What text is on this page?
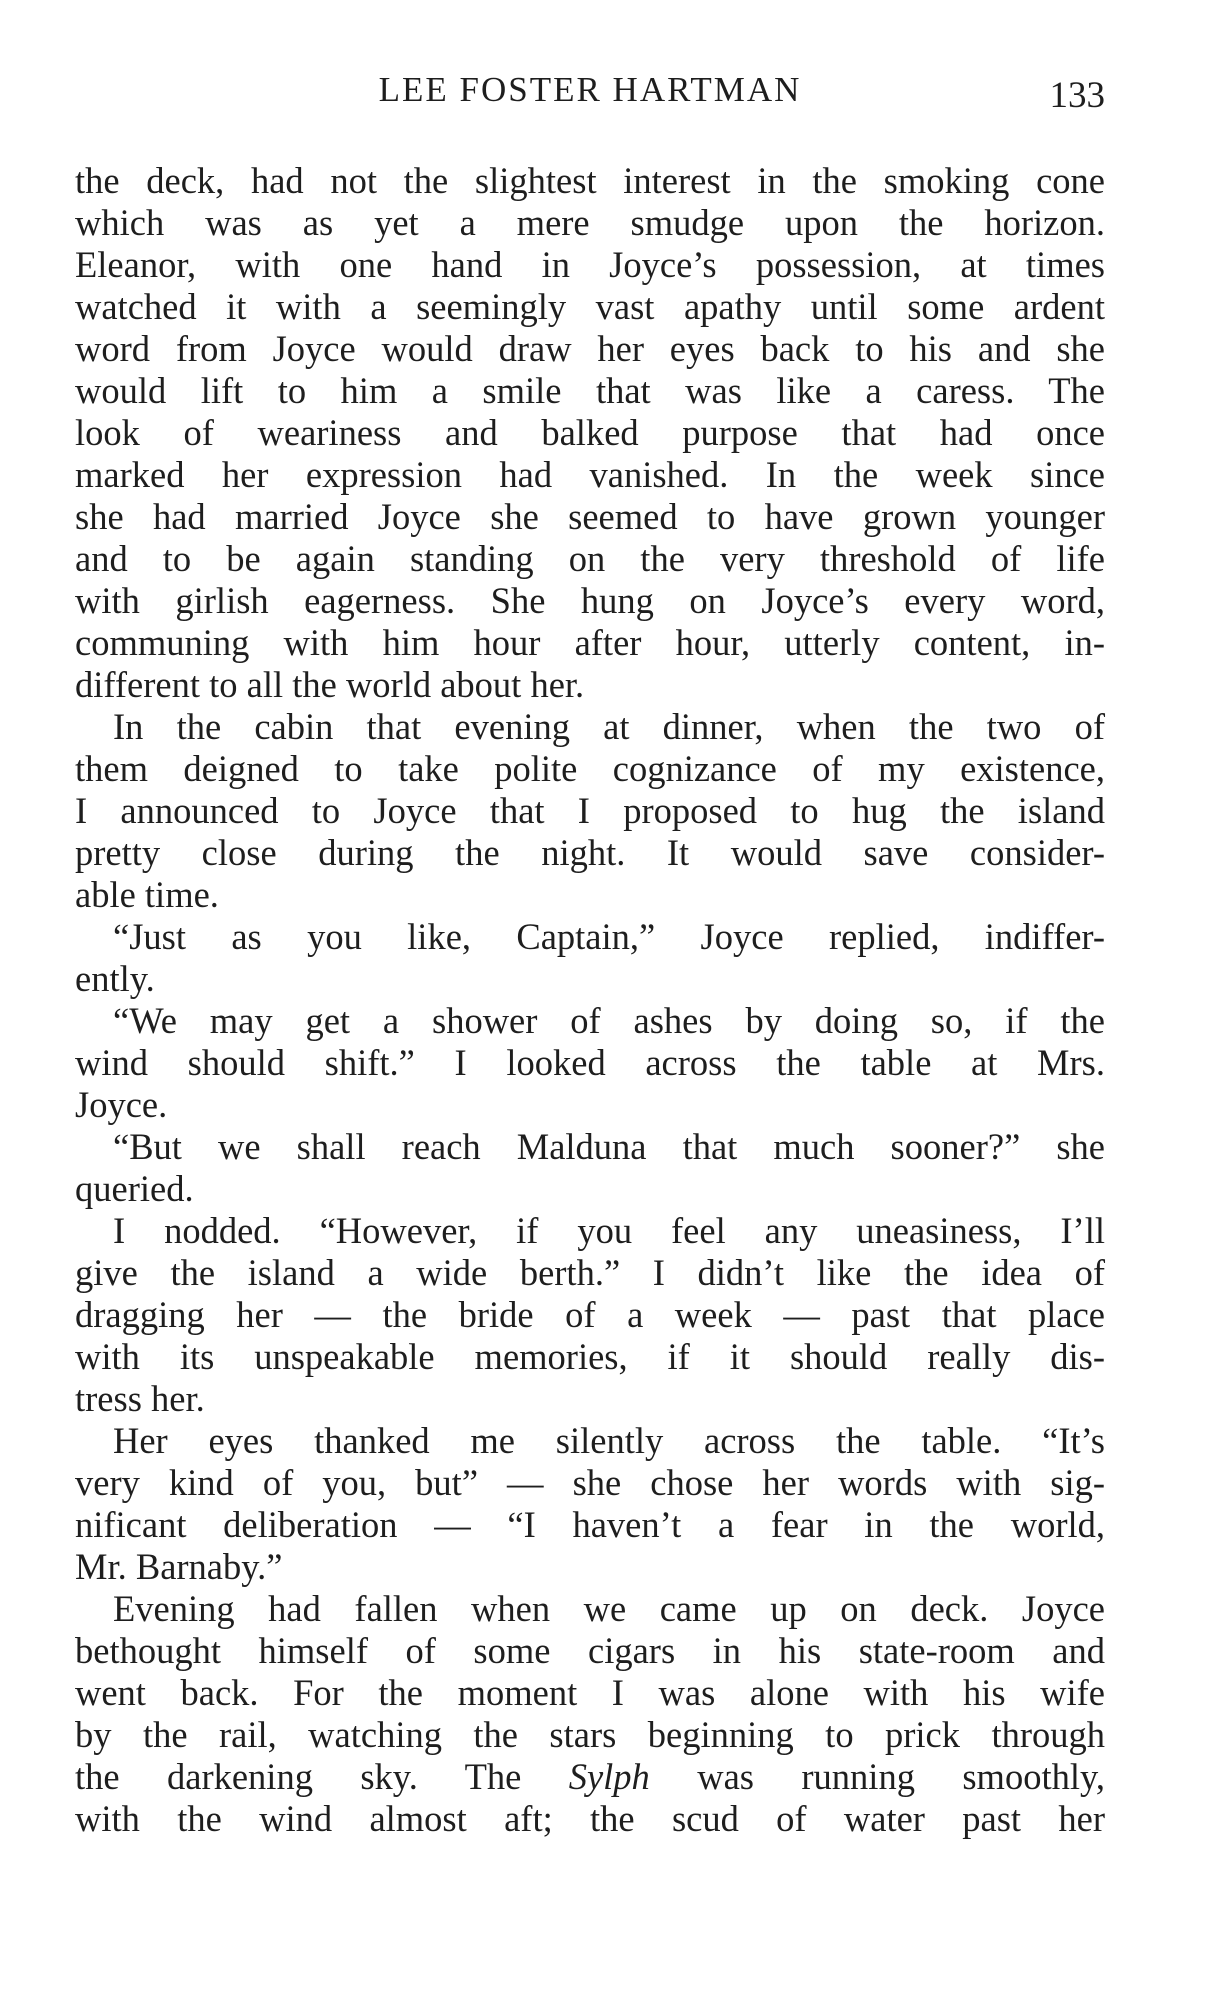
LEE FOSTER HARTMAN	133
the deck, had not the slightest interest in the smoking cone
which was as yet a mere smudge upon the horizon.
Eleanor, with one hand in Joyce’s possession, at times
watched it with a seemingly vast apathy until some ardent
word from Joyce would draw her eyes back to his and she
would lift to him a smile that was like a caress. The
look of weariness and balked purpose that had once
marked her expression had vanished. In the week since
she had married Joyce she seemed to have grown younger
and to be again standing on the very threshold of life
with girlish eagerness. She hung on Joyce’s every word,
communing with him hour after hour, utterly content, in-
different to all the world about her.
In the cabin that evening at dinner, when the two of
them deigned to take polite cognizance of my existence,
I announced to Joyce that I proposed to hug the island
pretty close during the night. It would save consider-
able time.
“Just as you like, Captain,” Joyce replied, indiffer-
ently.
“We may get a shower of ashes by doing so, if the
wind should shift.” I looked across the table at Mrs.
Joyce.
“But we shall reach Malduna that much sooner?” she
queried.
I nodded. “However, if you feel any uneasiness, I’ll
give the island a wide berth.” I didn’t like the idea of
dragging her — the bride of a week — past that place
with its unspeakable memories, if it should really dis-
tress her.
Her eyes thanked me silently across the table. “It’s
very kind of you, but” — she chose her words with sig-
nificant deliberation — “I haven’t a fear in the world,
Mr. Barnaby.”
Evening had fallen when we came up on deck. Joyce
bethought himself of some cigars in his state-room and
went back. For the moment I was alone with his wife
by the rail, watching the stars beginning to prick through
the darkening sky. The Sylph was running smoothly,
with the wind almost aft; the scud of water past her
